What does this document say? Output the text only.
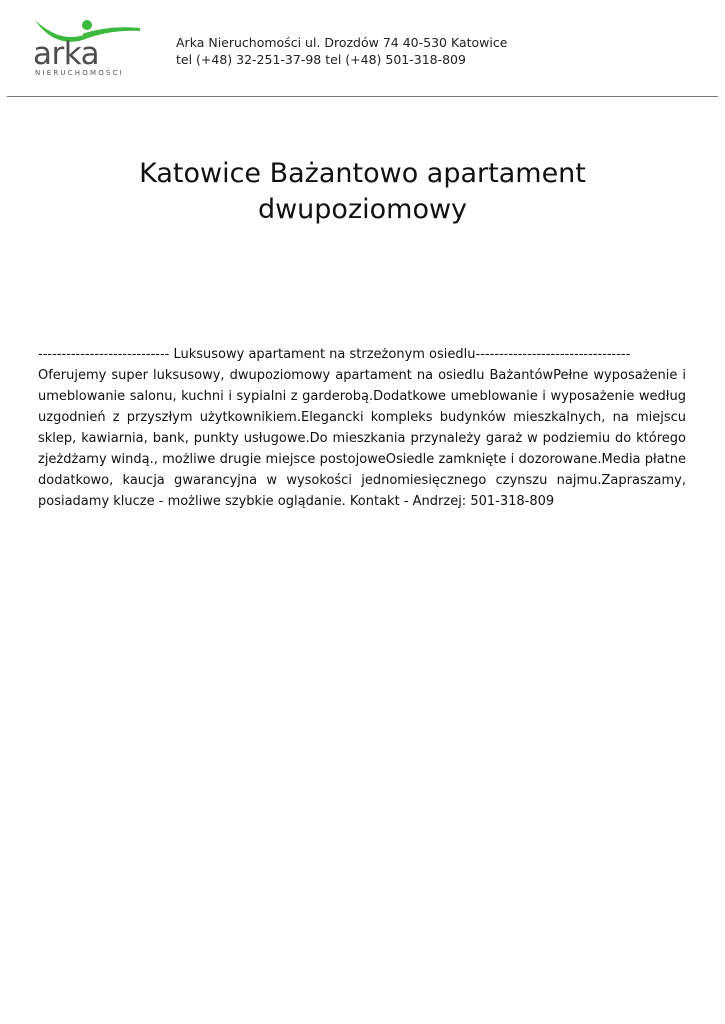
arka
NIERUCHOMOŚCI
Arka Nieruchomości ul. Drozdów 74 40-530 Katowice
tel (+48) 32-251-37-98 tel (+48) 501-318-809
Katowice Bażantowo apartament dwupoziomowy

---------------------------- Luksusowy apartament na strzeżonym osiedlu---------------------------------

Oferujemy super luksusowy, dwupoziomowy apartament na osiedlu BażantówPełne wyposażenie i umeblowanie salonu, kuchni i sypialni z garderobą.Dodatkowe umeblowanie i wyposażenie według uzgodnień z przyszłym użytkownikiem.Elegancki kompleks budynków mieszkalnych, na miejscu sklep, kawiarnia, bank, punkty usługowe.Do mieszkania przynależy garaż w podziemiu do którego zjeżdżamy windą., możliwe drugie miejsce postojoweOsiedle zamknięte i dozorowane.Media płatne dodatkowo, kaucja gwarancyjna w wysokości jednomiesięcznego czynszu najmu.Zapraszamy, posiadamy klucze - możliwe szybkie oglądanie. Kontakt - Andrzej: 501-318-809
